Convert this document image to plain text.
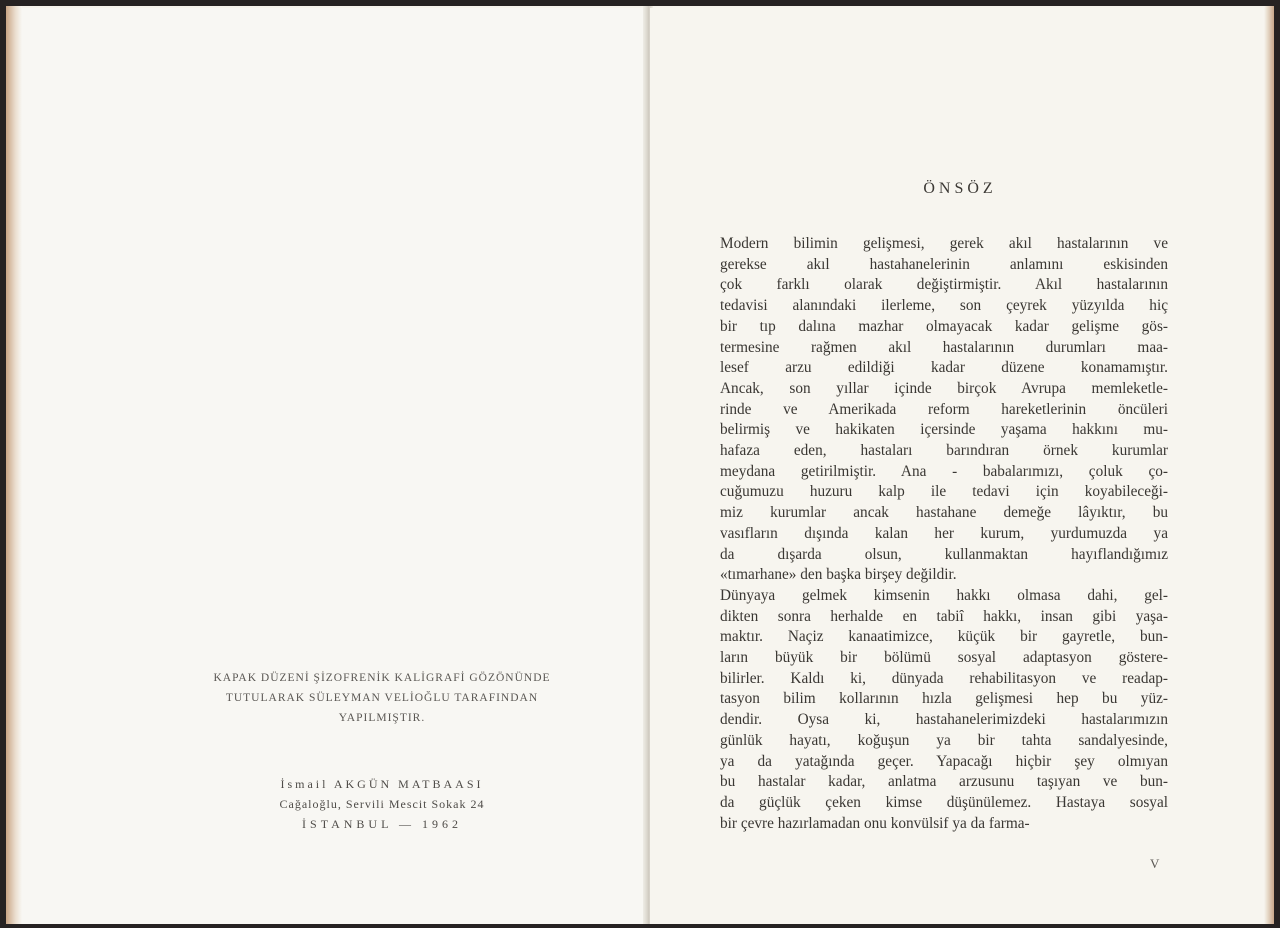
KAPAK DÜZENİ ŞİZOFRENİK KALİGRAFİ GÖZÖNÜNDE
TUTULARAK SÜLEYMAN VELİOĞLU TARAFINDAN
YAPILMIŞTIR.
İsmail AKGÜN MATBAASI
Cağaloğlu, Servili Mescit Sokak 24
İSTANBUL — 1962
ÖNSÖZ
Modern bilimin gelişmesi, gerek akıl hastalarının ve
gerekse akıl hastahanelerinin anlamını eskisinden
çok farklı olarak değiştirmiştir. Akıl hastalarının
tedavisi alanındaki ilerleme, son çeyrek yüzyılda hiç
bir tıp dalına mazhar olmayacak kadar gelişme gös-
termesine rağmen akıl hastalarının durumları maa-
lesef arzu edildiği kadar düzene konamamıştır.
Ancak, son yıllar içinde birçok Avrupa memleketle-
rinde ve Amerikada reform hareketlerinin öncüleri
belirmiş ve hakikaten içersinde yaşama hakkını mu-
hafaza eden, hastaları barındıran örnek kurumlar
meydana getirilmiştir. Ana - babalarımızı, çoluk ço-
cuğumuzu huzuru kalp ile tedavi için koyabileceği-
miz kurumlar ancak hastahane demeğe lâyıktır, bu
vasıfların dışında kalan her kurum, yurdumuzda ya
da dışarda olsun, kullanmaktan hayıflandığımız
«tımarhane» den başka birşey değildir.
Dünyaya gelmek kimsenin hakkı olmasa dahi, gel-
dikten sonra herhalde en tabiî hakkı, insan gibi yaşa-
maktır. Naçiz kanaatimizce, küçük bir gayretle, bun-
ların büyük bir bölümü sosyal adaptasyon göstere-
bilirler. Kaldı ki, dünyada rehabilitasyon ve readap-
tasyon bilim kollarının hızla gelişmesi hep bu yüz-
dendir. Oysa ki, hastahanelerimizdeki hastalarımızın
günlük hayatı, koğuşun ya bir tahta sandalyesinde,
ya da yatağında geçer. Yapacağı hiçbir şey olmıyan
bu hastalar kadar, anlatma arzusunu taşıyan ve bun-
da güçlük çeken kimse düşünülemez. Hastaya sosyal
bir çevre hazırlamadan onu konvülsif ya da farma-
V
